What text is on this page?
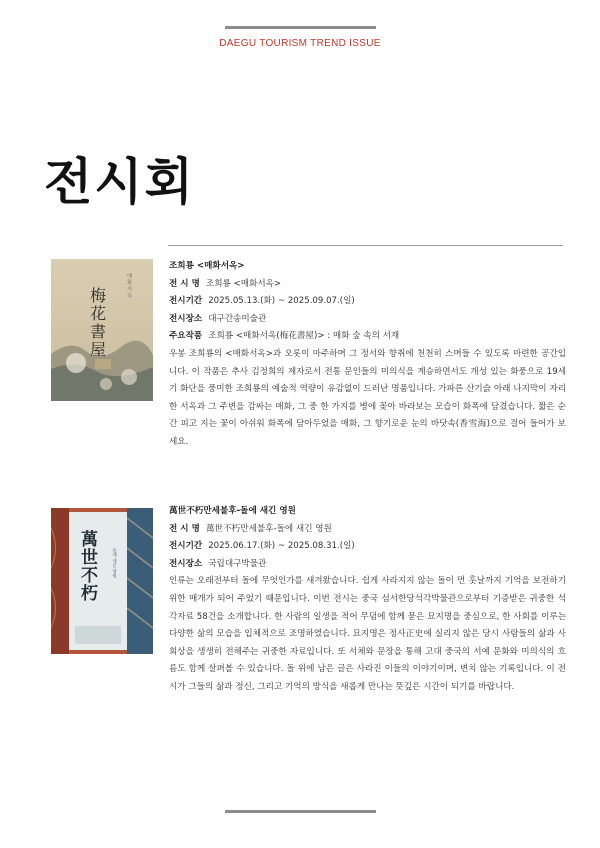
DAEGU TOURISM TREND ISSUE
전시회
梅花書屋
매 화 서 옥
조희룡 <매화서옥>
전 시 명 조희룡 <매화서옥>
전시기간 2025.05.13.(화) ~ 2025.09.07.(일)
전시장소 대구간송미술관
주요작품 조희룡 <매화서옥(梅花書屋)> : 매화 숲 속의 서재
우봉 조희룡의 <매화서옥>과 오롯이 마주하며 그 정서와 향취에 천천히 스며들 수 있도록 마련한 공간입니다. 이 작품은 추사 김정희의 제자로서 전통 문인들의 미의식을 계승하면서도 개성 있는 화풍으로 19세기 화단을 풍미한 조희룡의 예술적 역량이 유감없이 드러난 명품입니다. 가파른 산기슭 아래 나지막이 자리한 서옥과 그 주변을 감싸는 매화, 그 중 한 가지를 병에 꽂아 바라보는 모습이 화폭에 담겼습니다. 짧은 순간 피고 지는 꽃이 아쉬워 화폭에 담아두었을 매화, 그 향기로운 눈의 바닷속(香雪海)으로 걸어 들어가 보세요.
萬世不朽	돌에 새긴 영원
萬世不朽만세불후-돌에 새긴 영원
전 시 명 萬世不朽만세불후-돌에 새긴 영원
전시기간 2025.06.17.(화) ~ 2025.08.31.(일)
전시장소 국립대구박물관
인류는 오래전부터 돌에 무엇인가를 새겨왔습니다. 쉽게 사라지지 않는 돌이 먼 훗날까지 기억을 보전하기 위한 매개가 되어 주었기 때문입니다. 이번 전시는 중국 섬서한당석각박물관으로부터 기증받은 귀중한 석각자료 58건을 소개합니다. 한 사람의 일생을 적어 무덤에 함께 묻은 묘지명을 중심으로, 한 사회를 이루는 다양한 삶의 모습을 입체적으로 조명하였습니다. 묘지명은 정사正史에 실리지 않은 당시 사람들의 삶과 사회상을 생생히 전해주는 귀중한 자료입니다. 또 서체와 문장을 통해 고대 중국의 서예 문화와 미의식의 흐름도 함께 살펴볼 수 있습니다. 돌 위에 남은 글은 사라진 이들의 이야기이며, 변치 않는 기록입니다. 이 전시가 그들의 삶과 정신, 그리고 기억의 방식을 새롭게 만나는 뜻깊은 시간이 되기를 바랍니다.
